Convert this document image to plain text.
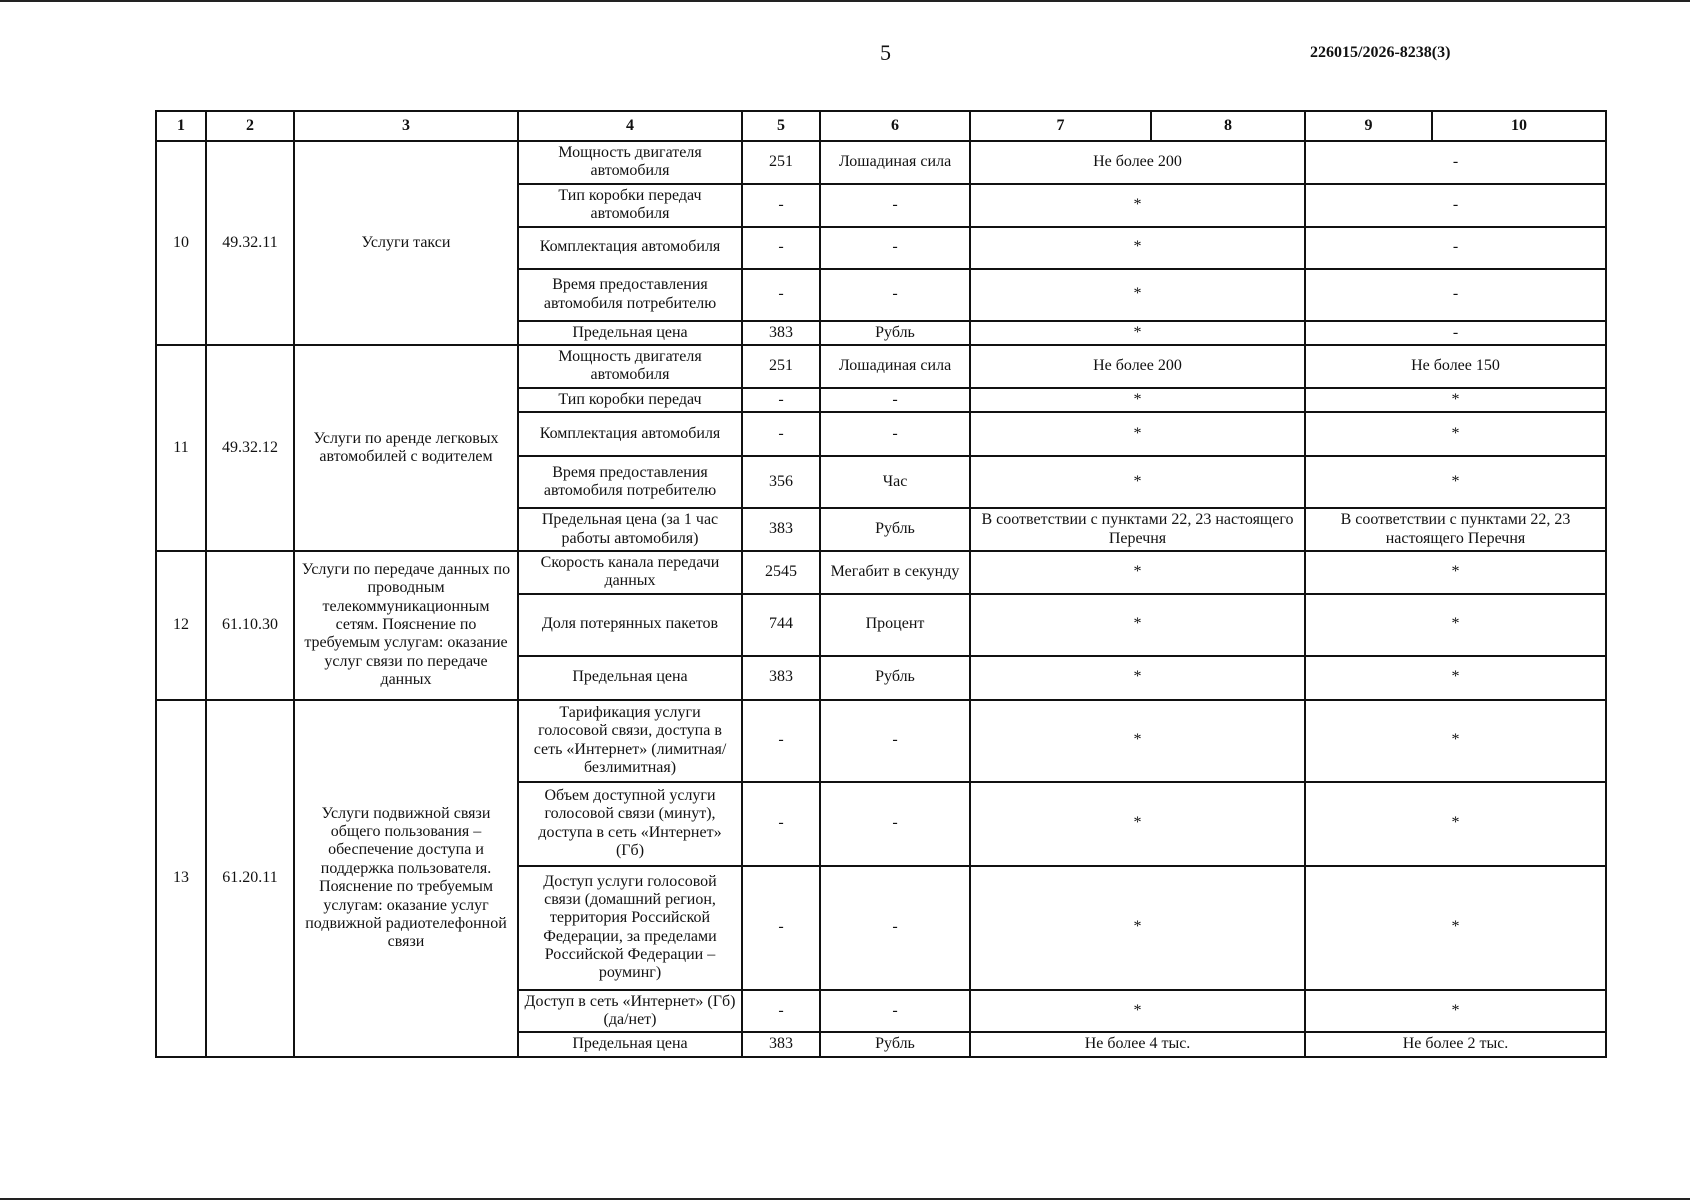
5	226015/2026-8238(3)
1	2	3	4	5	6	7	8	9	10
10	49.32.11	Услуги такси	Мощность двигателя автомобиля	251	Лошадиная сила	Не более 200		-	
			Тип коробки передач автомобиля	-	-	*		-	
			Комплектация автомобиля	-	-	*		-	
			Время предоставления автомобиля потребителю	-	-	*		-	
			Предельная цена	383	Рубль	*		-	
11	49.32.12	Услуги по аренде легковых автомобилей с водителем	Мощность двигателя автомобиля	251	Лошадиная сила	Не более 200		Не более 150	
			Тип коробки передач	-	-	*		*	
			Комплектация автомобиля	-	-	*		*	
			Время предоставления автомобиля потребителю	356	Час	*		*	
			Предельная цена (за 1 час работы автомобиля)	383	Рубль	В соответствии с пунктами 22, 23 настоящего Перечня		В соответствии с пунктами 22, 23 настоящего Перечня	
12	61.10.30	Услуги по передаче данных по проводным телекоммуникационным сетям. Пояснение по требуемым услугам: оказание услуг связи по передаче данных	Скорость канала передачи данных	2545	Мегабит в секунду	*		*	
			Доля потерянных пакетов	744	Процент	*		*	
			Предельная цена	383	Рубль	*		*	
13	61.20.11	Услуги подвижной связи общего пользования – обеспечение доступа и поддержка пользователя. Пояснение по требуемым услугам: оказание услуг подвижной радиотелефонной связи	Тарификация услуги голосовой связи, доступа в сеть «Интернет» (лимитная/безлимитная)	-	-	*		*	
			Объем доступной услуги голосовой связи (минут), доступа в сеть «Интернет» (Гб)	-	-	*		*	
			Доступ услуги голосовой связи (домашний регион, территория Российской Федерации, за пределами Российской Федерации – роуминг)	-	-	*		*	
			Доступ в сеть «Интернет» (Гб) (да/нет)	-	-	*		*	
			Предельная цена	383	Рубль	Не более 4 тыс.		Не более 2 тыс.	
